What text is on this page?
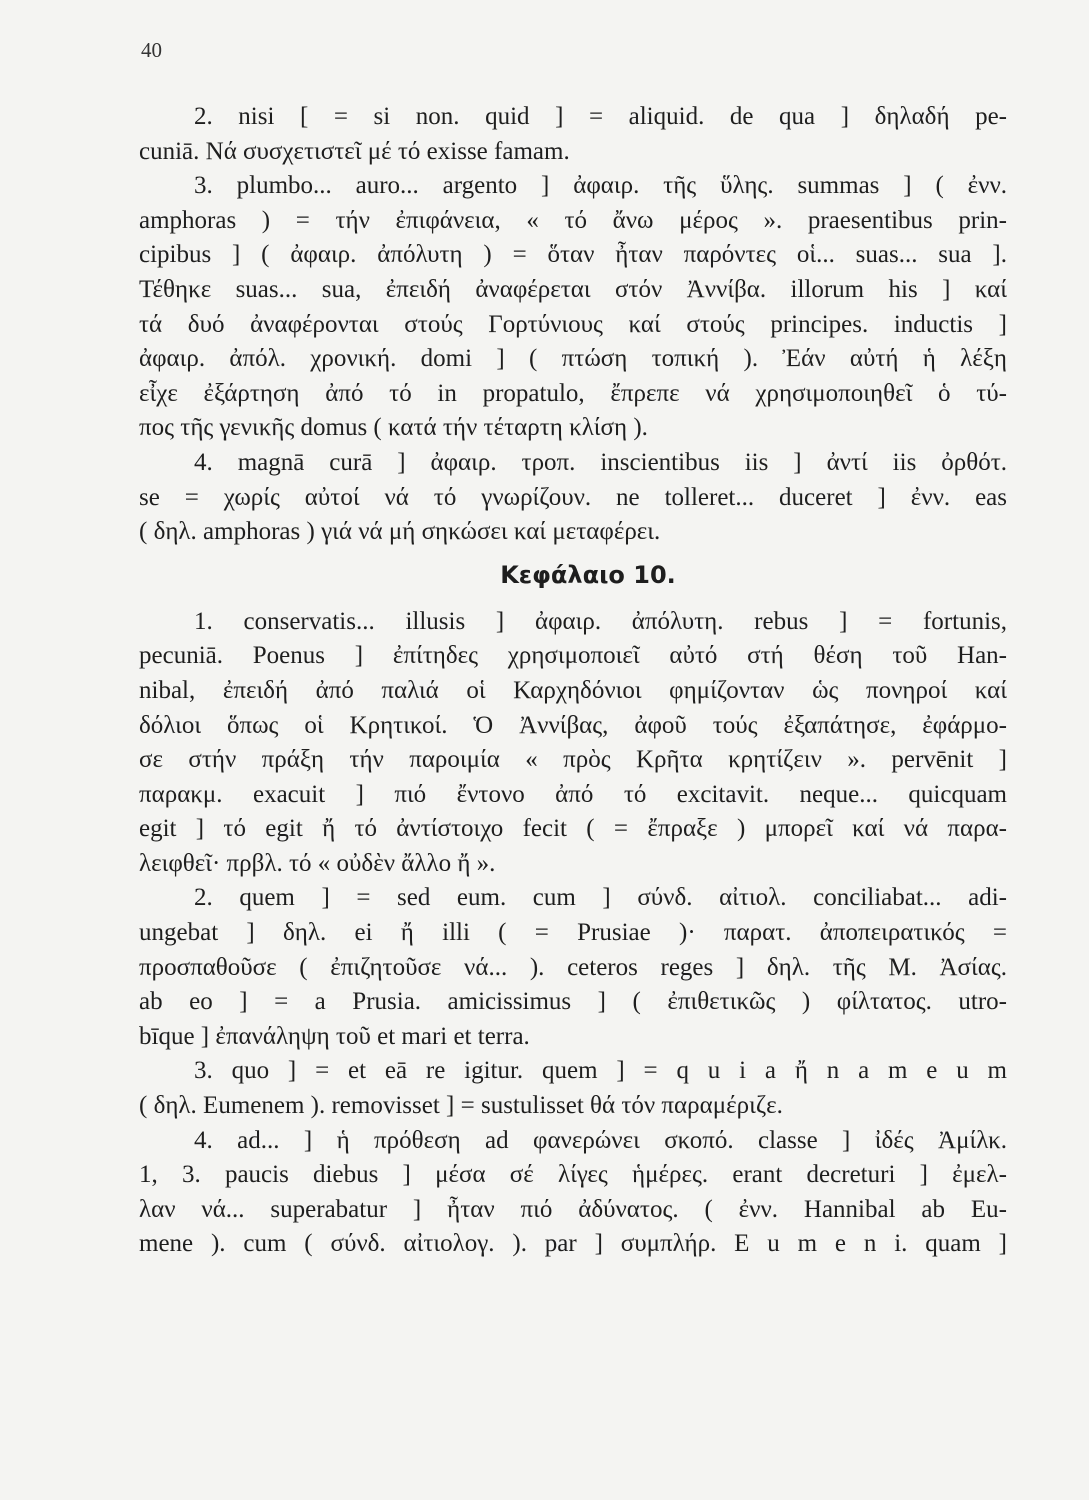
40
2. nisi [ = si non. quid ] = aliquid. de qua ] δηλαδή pe-
cuniā. Νά συσχετιστεῖ μέ τό exisse famam.
3. plumbo... auro... argento ] ἀφαιρ. τῆς ὕλης. summas ] ( ἐνν.
amphoras ) = τήν ἐπιφάνεια, « τό ἄνω μέρος ». praesentibus prin-
cipibus ] ( ἀφαιρ. ἀπόλυτη ) = ὅταν ἦταν παρόντες οἱ... suas... sua ].
Τέθηκε suas... sua, ἐπειδή ἀναφέρεται στόν Ἀννίβα. illorum his ] καί
τά δυό ἀναφέρονται στούς Γορτύνιους καί στούς principes. inductis ]
ἀφαιρ. ἀπόλ. χρονική. domi ] ( πτώση τοπική ). Ἐάν αὐτή ἡ λέξη
εἶχε ἐξάρτηση ἀπό τό in propatulo, ἔπρεπε νά χρησιμοποιηθεῖ ὁ τύ-
πος τῆς γενικῆς domus ( κατά τήν τέταρτη κλίση ).
4. magnā curā ] ἀφαιρ. τροπ. inscientibus iis ] ἀντί iis ὀρθότ.
se = χωρίς αὐτοί νά τό γνωρίζουν. ne tolleret... duceret ] ἐνν. eas
( δηλ. amphoras ) γιά νά μή σηκώσει καί μεταφέρει.
Κεφάλαιο 10.
1. conservatis... illusis ] ἀφαιρ. ἀπόλυτη. rebus ] = fortunis,
pecuniā. Poenus ] ἐπίτηδες χρησιμοποιεῖ αὐτό στή θέση τοῦ Han-
nibal, ἐπειδή ἀπό παλιά οἱ Καρχηδόνιοι φημίζονταν ὡς πονηροί καί
δόλιοι ὅπως οἱ Κρητικοί. Ὁ Ἀννίβας, ἀφοῦ τούς ἐξαπάτησε, ἐφάρμο-
σε στήν πράξη τήν παροιμία « πρὸς Κρῆτα κρητίζειν ». pervēnit ]
παρακμ. exacuit ] πιό ἔντονο ἀπό τό excitavit. neque... quicquam
egit ] τό egit ἤ τό ἀντίστοιχο fecit ( = ἔπραξε ) μπορεῖ καί νά παρα-
λειφθεῖ· πρβλ. τό « οὐδὲν ἄλλο ἤ ».
2. quem ] = sed eum. cum ] σύνδ. αἰτιολ. conciliabat... adi-
ungebat ] δηλ. ei ἤ illi ( = Prusiae )· παρατ. ἀποπειρατικός =
προσπαθοῦσε ( ἐπιζητοῦσε νά... ). ceteros reges ] δηλ. τῆς Μ. Ἀσίας.
ab eo ] = a Prusia. amicissimus ] ( ἐπιθετικῶς ) φίλτατος. utro-
bīque ] ἐπανάληψη τοῦ et mari et terra.
3. quo ] = et eā re igitur. quem ] = q u i a ἤ n a m e u m
( δηλ. Eumenem ). removisset ] = sustulisset θά τόν παραμέριζε.
4. ad... ] ἡ πρόθεση ad φανερώνει σκοπό. classe ] ἰδές Ἀμίλκ.
1, 3. paucis diebus ] μέσα σέ λίγες ἡμέρες. erant decreturi ] ἐμελ-
λαν νά... superabatur ] ἦταν πιό ἀδύνατος. ( ἐνν. Hannibal ab Eu-
mene ). cum ( σύνδ. αἰτιολογ. ). par ] συμπλήρ. E u m e n i. quam ]
